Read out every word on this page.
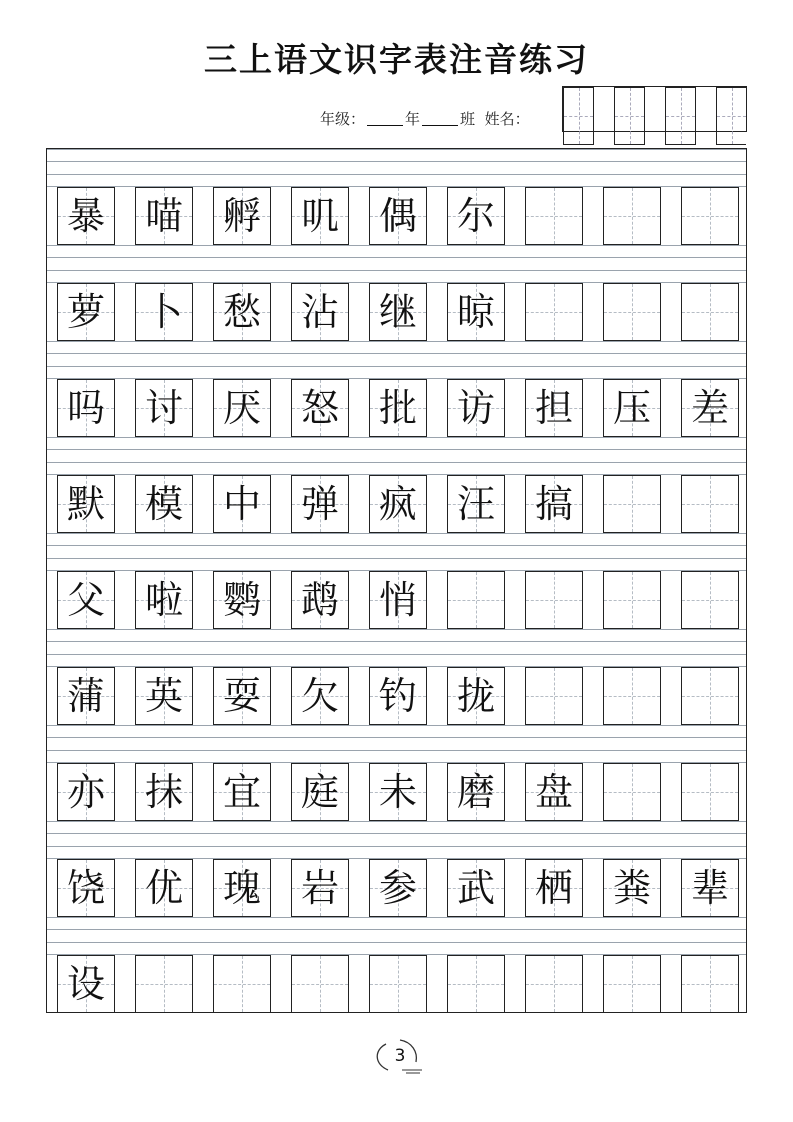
三上语文识字表注音练习
年级：	年	班 姓名：
暴 喵 孵 叽 偶 尔
萝 卜 愁 沾 继 晾
吗 讨 厌 怒 批 访 担 压 差
默 模 中 弹 疯 汪 搞
父 啦 鹦 鹉 悄
蒲 英 耍 欠 钓 拢
亦 抹 宜 庭 未 磨 盘
饶 优 瑰 岩 参 武 栖 粪 辈
设
3
